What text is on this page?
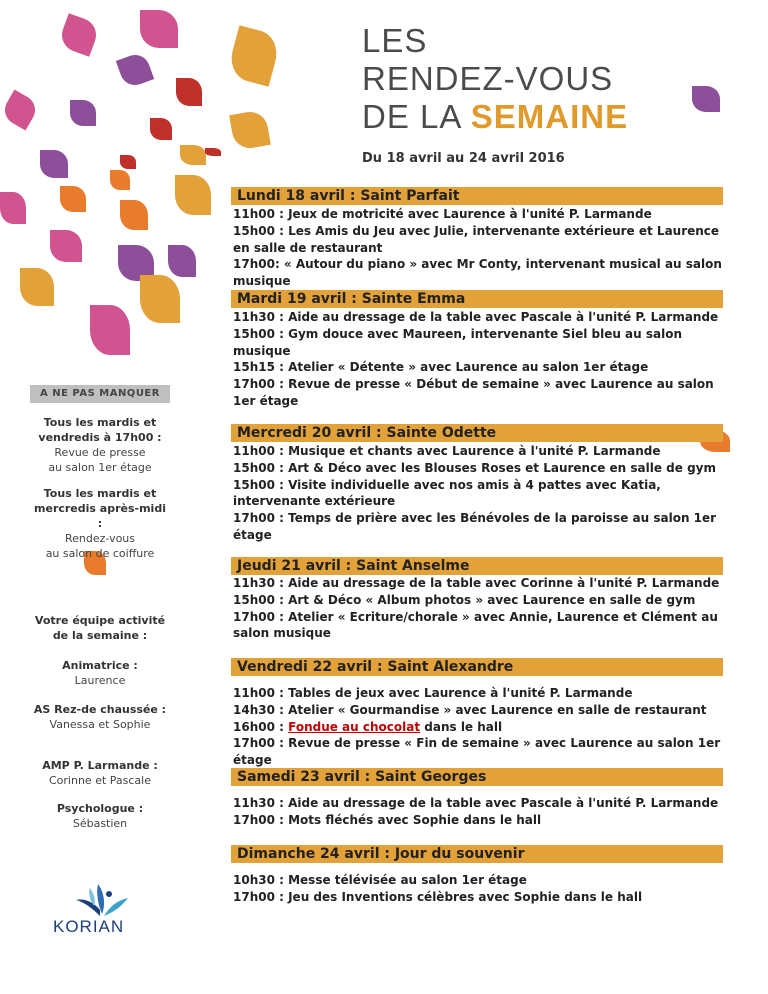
LES
RENDEZ-VOUS
DE LA SEMAINE
Du 18 avril au 24 avril 2016
Lundi 18 avril : Saint Parfait

11h00 : Jeux de motricité avec Laurence à l'unité P. Larmande

15h00 : Les Amis du Jeu avec Julie, intervenante extérieure et Laurence en salle de restaurant

17h00: « Autour du piano » avec Mr Conty, intervenant musical au salon musique

Mardi 19 avril : Sainte Emma

11h30 : Aide au dressage de la table avec Pascale à l'unité P. Larmande

15h00 : Gym douce avec Maureen, intervenante Siel bleu au salon musique

15h15 : Atelier « Détente » avec Laurence au salon 1er étage

17h00 : Revue de presse « Début de semaine » avec Laurence au salon 1er étage

Mercredi 20 avril : Sainte Odette

11h00 : Musique et chants avec Laurence à l'unité P. Larmande

15h00 : Art & Déco avec les Blouses Roses et Laurence en salle de gym

15h00 : Visite individuelle avec nos amis à 4 pattes avec Katia, intervenante extérieure

17h00 : Temps de prière avec les Bénévoles de la paroisse au salon 1er étage

Jeudi 21 avril : Saint Anselme

11h30 : Aide au dressage de la table avec Corinne à l'unité P. Larmande

15h00 : Art & Déco « Album photos » avec Laurence en salle de gym

17h00 : Atelier « Ecriture/chorale » avec Annie, Laurence et Clément au salon musique

Vendredi 22 avril : Saint Alexandre

11h00 : Tables de jeux avec Laurence à l'unité P. Larmande

14h30 : Atelier « Gourmandise » avec Laurence en salle de restaurant

16h00 : Fondue au chocolat dans le hall

17h00 : Revue de presse « Fin de semaine » avec Laurence au salon 1er étage

Samedi 23 avril : Saint Georges

11h30 : Aide au dressage de la table avec Pascale à l'unité P. Larmande

17h00 : Mots fléchés avec Sophie dans le hall

Dimanche 24 avril : Jour du souvenir

10h30 : Messe télévisée au salon 1er étage

17h00 : Jeu des Inventions célèbres avec Sophie dans le hall

A NE PAS MANQUER
Tous les mardis et vendredis à 17h00 :
Revue de presse
au salon 1er étage
Tous les mardis et mercredis après-midi :
Rendez-vous
au salon de coiffure
Votre équipe activité de la semaine :
Animatrice :
Laurence
AS Rez-de chaussée :
Vanessa et Sophie
AMP P. Larmande :
Corinne et Pascale
Psychologue :
Sébastien
KORIAN
